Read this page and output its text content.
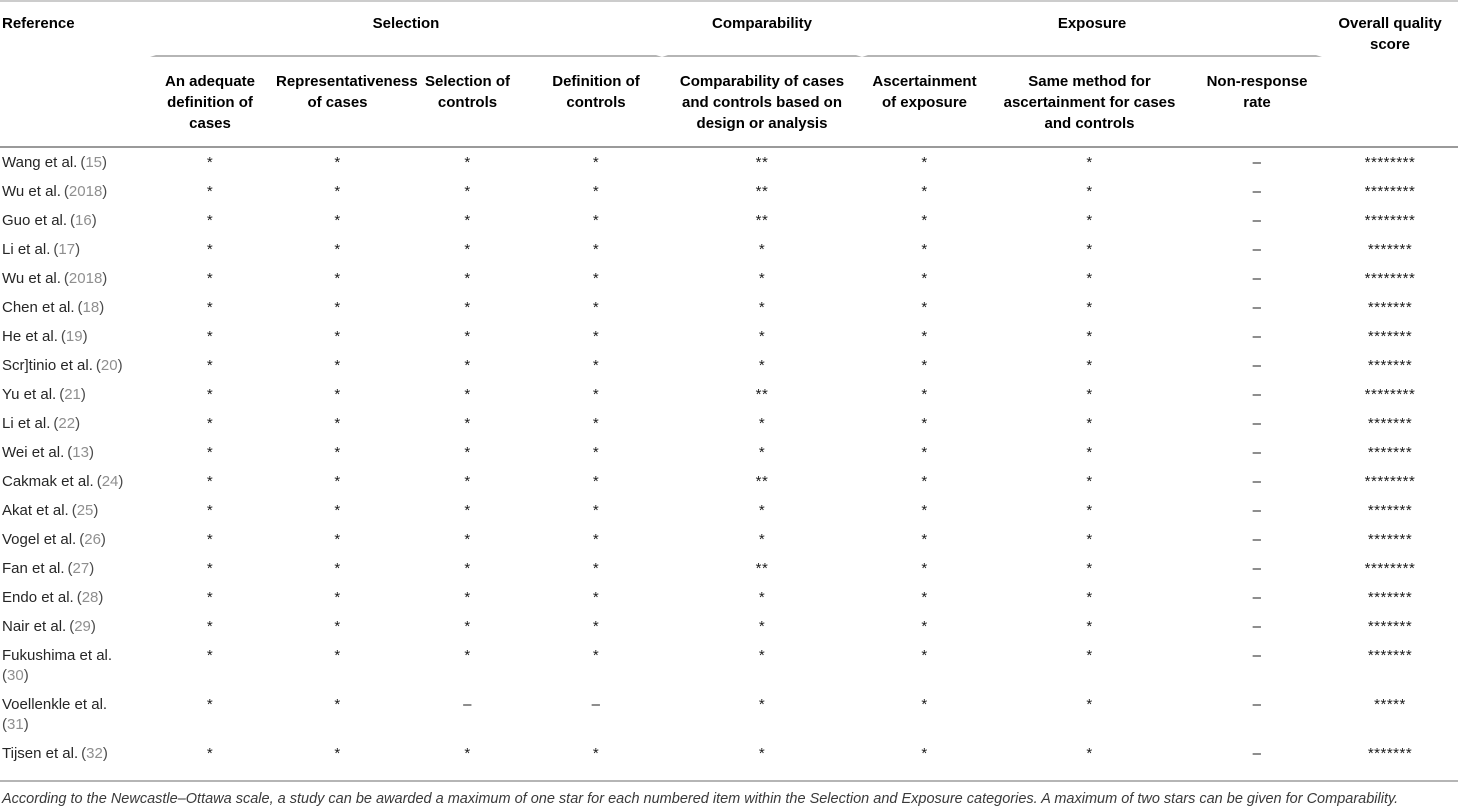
Reference	Selection				Comparability	Exposure			Overall quality score
	An adequate definition of cases	Representativeness of cases	Selection of controls	Definition of controls	Comparability of cases and controls based on design or analysis	Ascertainment of exposure	Same method for ascertainment for cases and controls	Non-response rate	
Wang et al. (15)	*	*	*	*	**	*	*	–	********
Wu et al. (2018)	*	*	*	*	**	*	*	–	********
Guo et al. (16)	*	*	*	*	**	*	*	–	********
Li et al. (17)	*	*	*	*	*	*	*	–	*******
Wu et al. (2018)	*	*	*	*	*	*	*	–	********
Chen et al. (18)	*	*	*	*	*	*	*	–	*******
He et al. (19)	*	*	*	*	*	*	*	–	*******
Scr]tinio et al. (20)	*	*	*	*	*	*	*	–	*******
Yu et al. (21)	*	*	*	*	**	*	*	–	********
Li et al. (22)	*	*	*	*	*	*	*	–	*******
Wei et al. (13)	*	*	*	*	*	*	*	–	*******
Cakmak et al. (24)	*	*	*	*	**	*	*	–	********
Akat et al. (25)	*	*	*	*	*	*	*	–	*******
Vogel et al. (26)	*	*	*	*	*	*	*	–	*******
Fan et al. (27)	*	*	*	*	**	*	*	–	********
Endo et al. (28)	*	*	*	*	*	*	*	–	*******
Nair et al. (29)	*	*	*	*	*	*	*	–	*******
Fukushima et al.
(30)	*	*	*	*	*	*	*	–	*******
Voellenkle et al.
(31)	*	*	–	–	*	*	*	–	*****
Tijsen et al. (32)	*	*	*	*	*	*	*	–	*******
According to the Newcastle–Ottawa scale, a study can be awarded a maximum of one star for each numbered item within the Selection and Exposure categories. A maximum of two stars can be given for Comparability.
